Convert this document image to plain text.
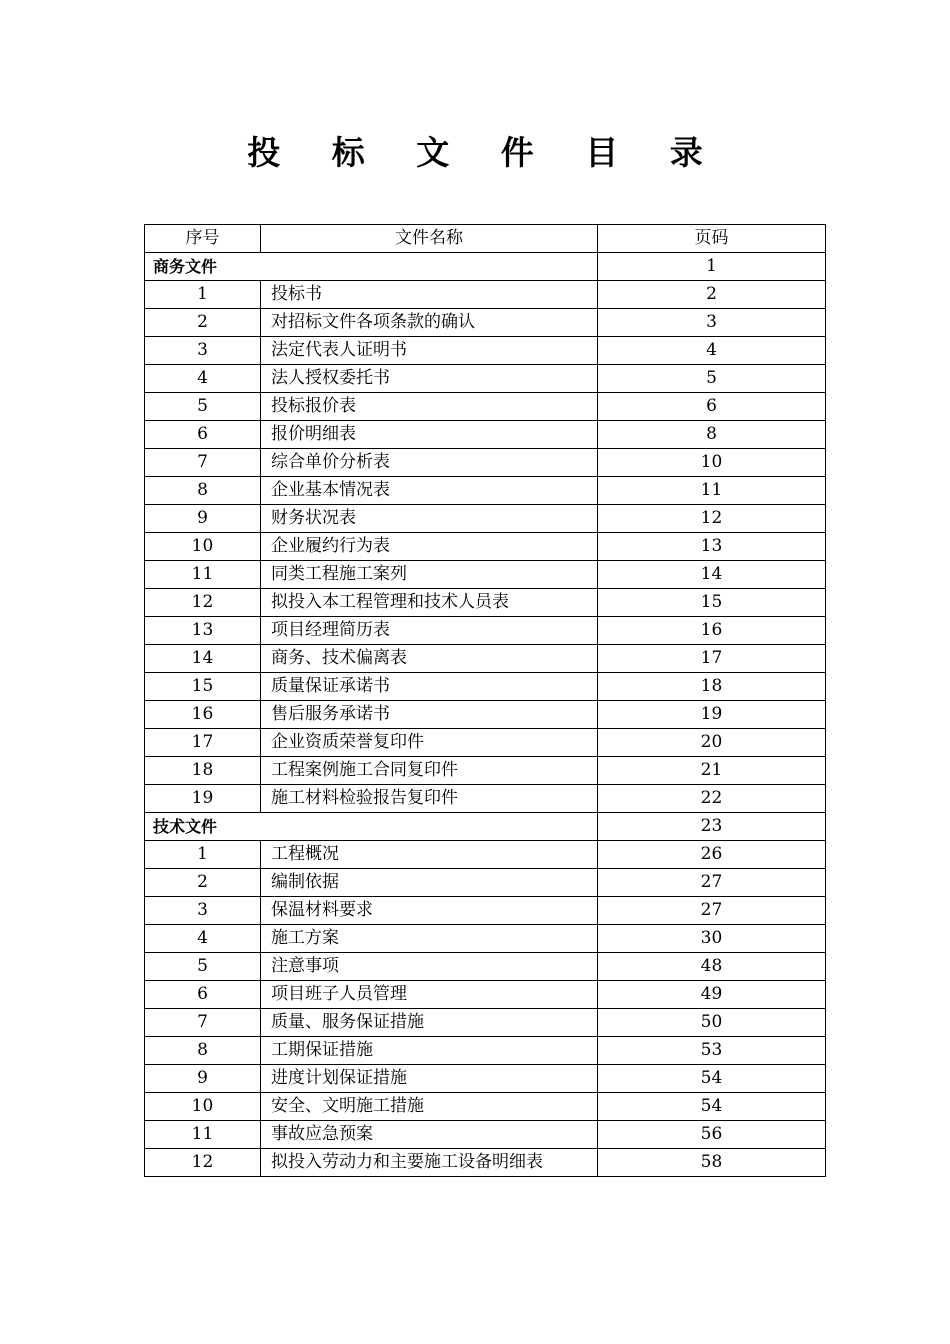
投 标 文 件 目 录
序号	文件名称	页码
商务文件		1
1	投标书	2
2	对招标文件各项条款的确认	3
3	法定代表人证明书	4
4	法人授权委托书	5
5	投标报价表	6
6	报价明细表	8
7	综合单价分析表	10
8	企业基本情况表	11
9	财务状况表	12
10	企业履约行为表	13
11	同类工程施工案列	14
12	拟投入本工程管理和技术人员表	15
13	项目经理简历表	16
14	商务、技术偏离表	17
15	质量保证承诺书	18
16	售后服务承诺书	19
17	企业资质荣誉复印件	20
18	工程案例施工合同复印件	21
19	施工材料检验报告复印件	22
技术文件		23
1	工程概况	26
2	编制依据	27
3	保温材料要求	27
4	施工方案	30
5	注意事项	48
6	项目班子人员管理	49
7	质量、服务保证措施	50
8	工期保证措施	53
9	进度计划保证措施	54
10	安全、文明施工措施	54
11	事故应急预案	56
12	拟投入劳动力和主要施工设备明细表	58
